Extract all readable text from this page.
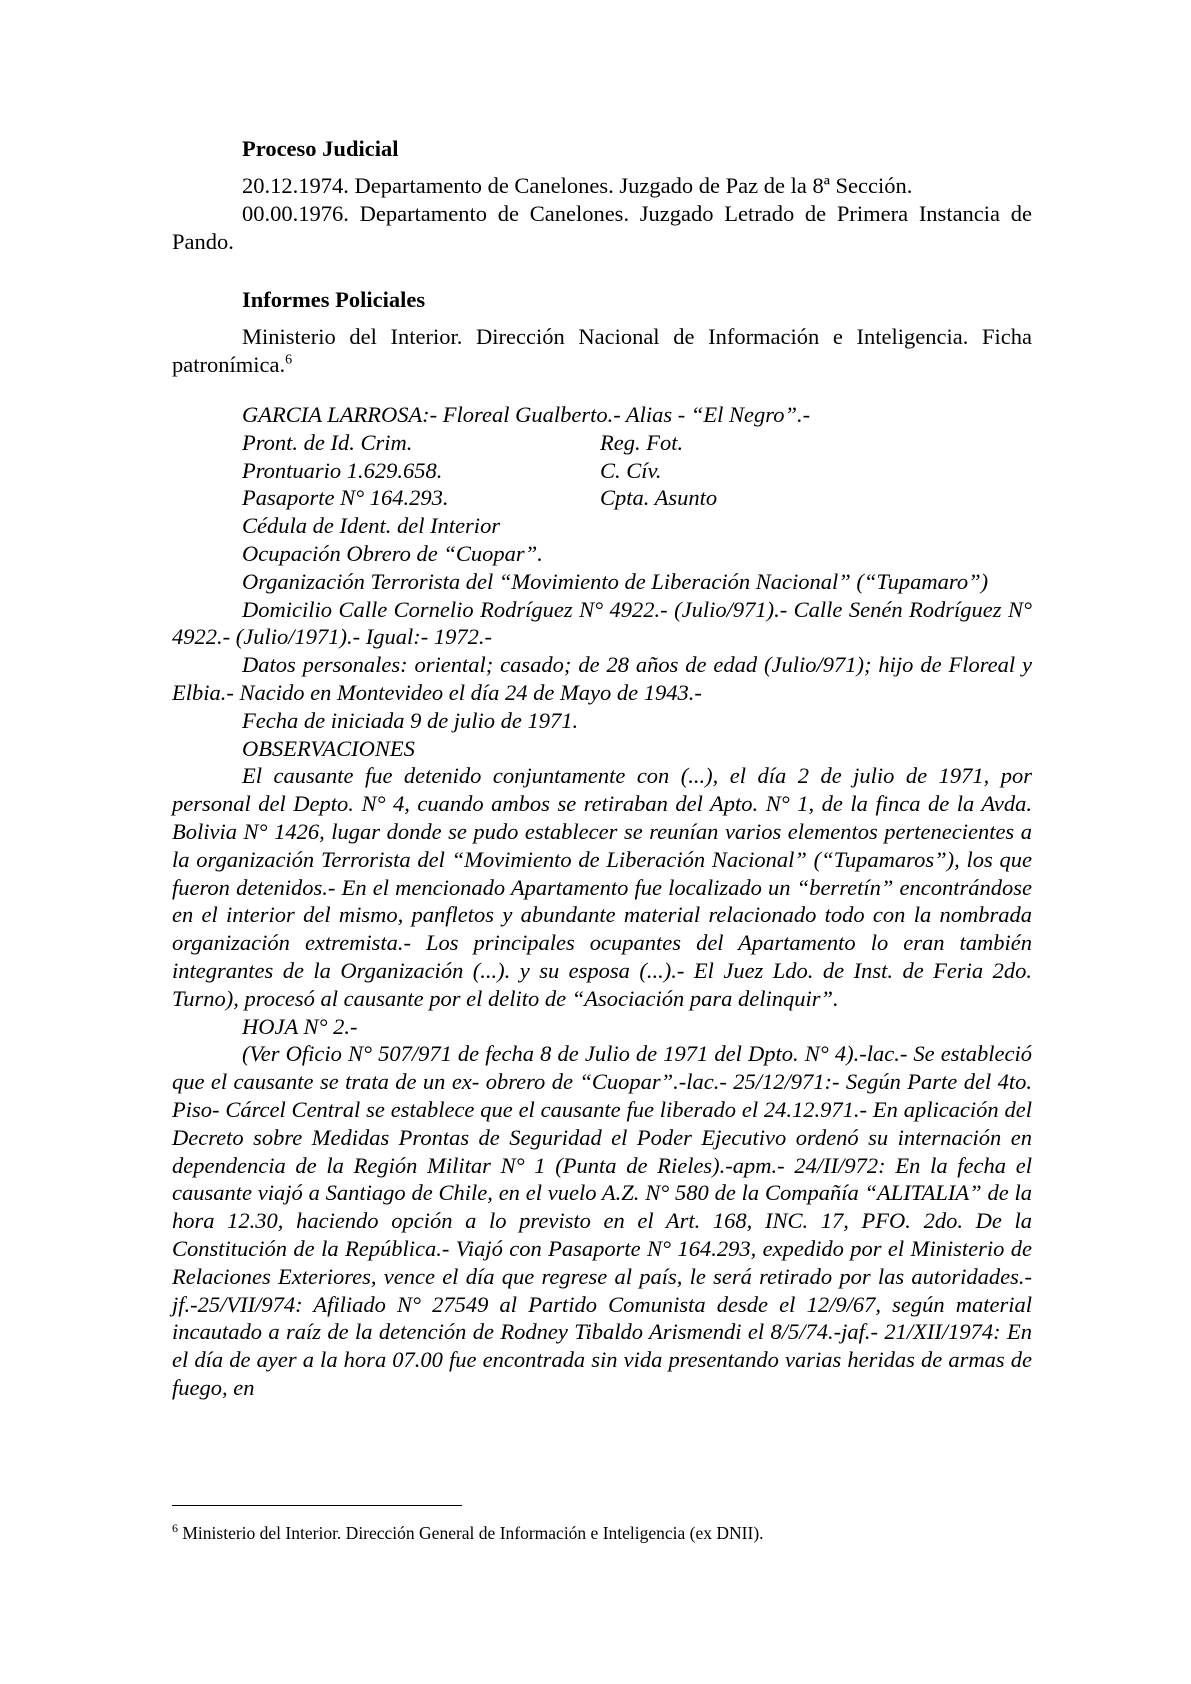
Proceso Judicial

20.12.1974. Departamento de Canelones. Juzgado de Paz de la 8ª Sección.

00.00.1976. Departamento de Canelones. Juzgado Letrado de Primera Instancia de Pando.

Informes Policiales

Ministerio del Interior. Dirección Nacional de Información e Inteligencia. Ficha patronímica.$^6$

GARCIA LARROSA:- Floreal Gualberto.- Alias - “El Negro”.-
Pront. de Id. Crim.	Reg. Fot.
Prontuario 1.629.658.	C. Cív.
Pasaporte N° 164.293.	Cpta. Asunto
Cédula de Ident. del Interior
Ocupación Obrero de “Cuopar”.

Organización Terrorista del “Movimiento de Liberación Nacional” (“Tupamaro”)

Domicilio Calle Cornelio Rodríguez N° 4922.- (Julio/971).- Calle Senén Rodríguez N° 4922.- (Julio/1971).- Igual:- 1972.-

Datos personales: oriental; casado; de 28 años de edad (Julio/971); hijo de Floreal y Elbia.- Nacido en Montevideo el día 24 de Mayo de 1943.-

Fecha de iniciada 9 de julio de 1971.
OBSERVACIONES

El causante fue detenido conjuntamente con (...), el día 2 de julio de 1971, por personal del Depto. N° 4, cuando ambos se retiraban del Apto. N° 1, de la finca de la Avda. Bolivia N° 1426, lugar donde se pudo establecer se reunían varios elementos pertenecientes a la organización Terrorista del “Movimiento de Liberación Nacional” (“Tupamaros”), los que fueron detenidos.- En el mencionado Apartamento fue localizado un “berretín” encontrándose en el interior del mismo, panfletos y abundante material relacionado todo con la nombrada organización extremista.- Los principales ocupantes del Apartamento lo eran también integrantes de la Organización (...). y su esposa (...).- El Juez Ldo. de Inst. de Feria 2do. Turno), procesó al causante por el delito de “Asociación para delinquir”.

HOJA N° 2.-

(Ver Oficio N° 507/971 de fecha 8 de Julio de 1971 del Dpto. N° 4).-lac.- Se estableció que el causante se trata de un ex- obrero de “Cuopar”.-lac.- 25/12/971:- Según Parte del 4to. Piso- Cárcel Central se establece que el causante fue liberado el 24.12.971.- En aplicación del Decreto sobre Medidas Prontas de Seguridad el Poder Ejecutivo ordenó su internación en dependencia de la Región Militar N° 1 (Punta de Rieles).-apm.- 24/II/972: En la fecha el causante viajó a Santiago de Chile, en el vuelo A.Z. N° 580 de la Compañía “ALITALIA” de la hora 12.30, haciendo opción a lo previsto en el Art. 168, INC. 17, PFO. 2do. De la Constitución de la República.- Viajó con Pasaporte N° 164.293, expedido por el Ministerio de Relaciones Exteriores, vence el día que regrese al país, le será retirado por las autoridades.-jf.-25/VII/974: Afiliado N° 27549 al Partido Comunista desde el 12/9/67, según material incautado a raíz de la detención de Rodney Tibaldo Arismendi el 8/5/74.-jaf.- 21/XII/1974: En el día de ayer a la hora 07.00 fue encontrada sin vida presentando varias heridas de armas de fuego, en

$^6$ Ministerio del Interior. Dirección General de Información e Inteligencia (ex DNII).
